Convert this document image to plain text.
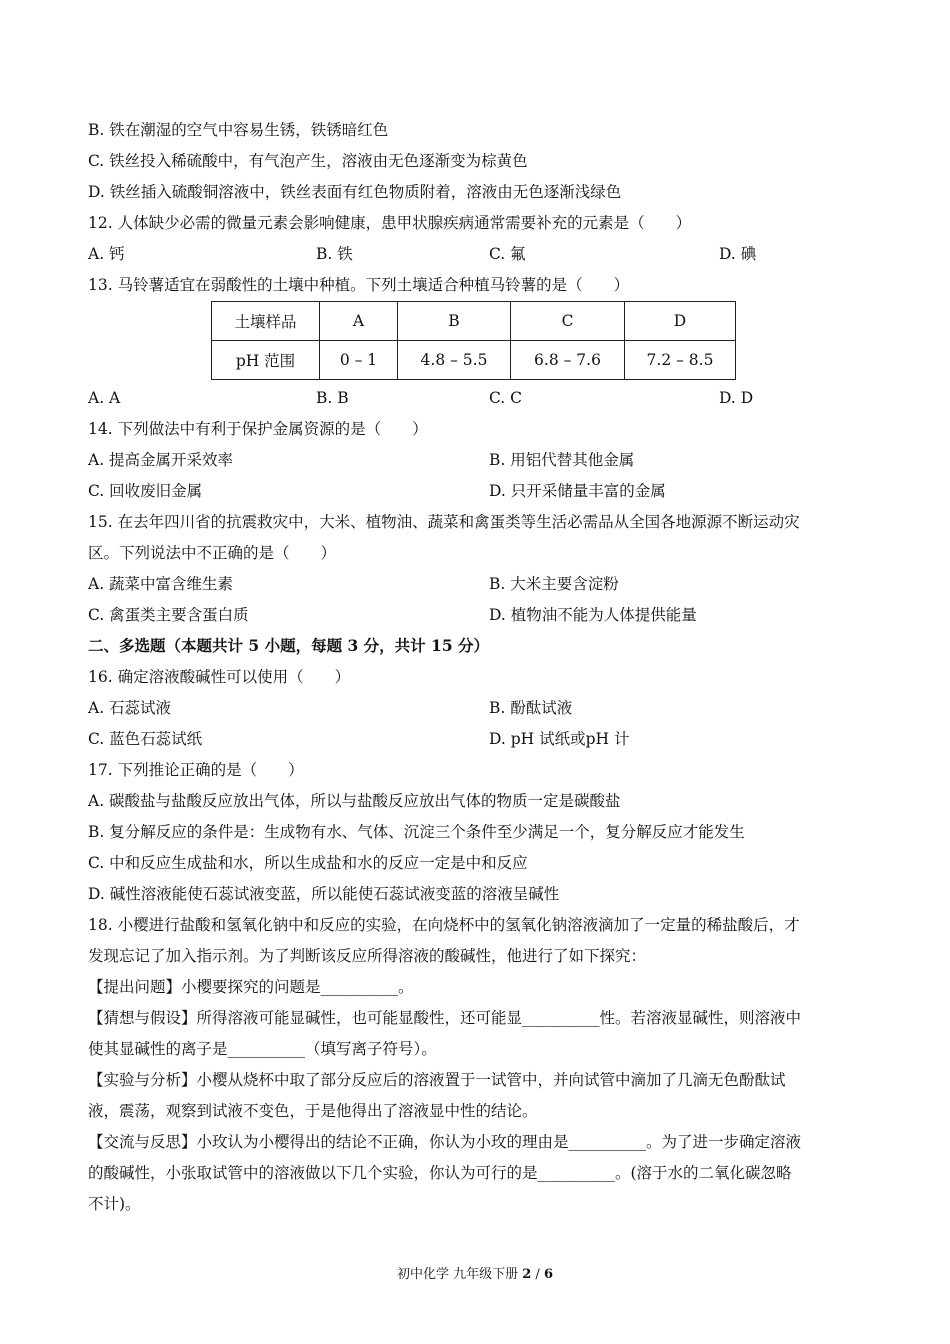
B. 铁在潮湿的空气中容易生锈，铁锈暗红色
C. 铁丝投入稀硫酸中，有气泡产生，溶液由无色逐渐变为棕黄色
D. 铁丝插入硫酸铜溶液中，铁丝表面有红色物质附着，溶液由无色逐渐浅绿色
12. 人体缺少必需的微量元素会影响健康，患甲状腺疾病通常需要补充的元素是（　　）
A. 钙	B. 铁	C. 氟	D. 碘
13. 马铃薯适宜在弱酸性的土壤中种植。下列土壤适合种植马铃薯的是（　　）
土壤样品	A	B	C	D
pH 范围	0 – 1	4.8 – 5.5	6.8 – 7.6	7.2 – 8.5
A. A	B. B	C. C	D. D
14. 下列做法中有利于保护金属资源的是（　　）
A. 提高金属开采效率	B. 用铝代替其他金属
C. 回收废旧金属	D. 只开采储量丰富的金属
15. 在去年四川省的抗震救灾中，大米、植物油、蔬菜和禽蛋类等生活必需品从全国各地源源不断运动灾
区。下列说法中不正确的是（　　）
A. 蔬菜中富含维生素	B. 大米主要含淀粉
C. 禽蛋类主要含蛋白质	D. 植物油不能为人体提供能量
二、多选题（本题共计 5 小题，每题 3 分，共计 15 分）
16. 确定溶液酸碱性可以使用（　　）
A. 石蕊试液	B. 酚酞试液
C. 蓝色石蕊试纸	D. pH 试纸或pH 计
17. 下列推论正确的是（　　）
A. 碳酸盐与盐酸反应放出气体，所以与盐酸反应放出气体的物质一定是碳酸盐
B. 复分解反应的条件是：生成物有水、气体、沉淀三个条件至少满足一个，复分解反应才能发生
C. 中和反应生成盐和水，所以生成盐和水的反应一定是中和反应
D. 碱性溶液能使石蕊试液变蓝，所以能使石蕊试液变蓝的溶液呈碱性
18. 小樱进行盐酸和氢氧化钠中和反应的实验，在向烧杯中的氢氧化钠溶液滴加了一定量的稀盐酸后，才
发现忘记了加入指示剂。为了判断该反应所得溶液的酸碱性，他进行了如下探究：
【提出问题】小樱要探究的问题是__________。
【猜想与假设】所得溶液可能显碱性，也可能显酸性，还可能显__________性。若溶液显碱性，则溶液中
使其显碱性的离子是__________（填写离子符号）。
【实验与分析】小樱从烧杯中取了部分反应后的溶液置于一试管中，并向试管中滴加了几滴无色酚酞试
液，震荡，观察到试液不变色，于是他得出了溶液显中性的结论。
【交流与反思】小玫认为小樱得出的结论不正确，你认为小玫的理由是__________。为了进一步确定溶液
的酸碱性，小张取试管中的溶液做以下几个实验，你认为可行的是__________。(溶于水的二氧化碳忽略
不计)。
初中化学 九年级下册 2 / 6
